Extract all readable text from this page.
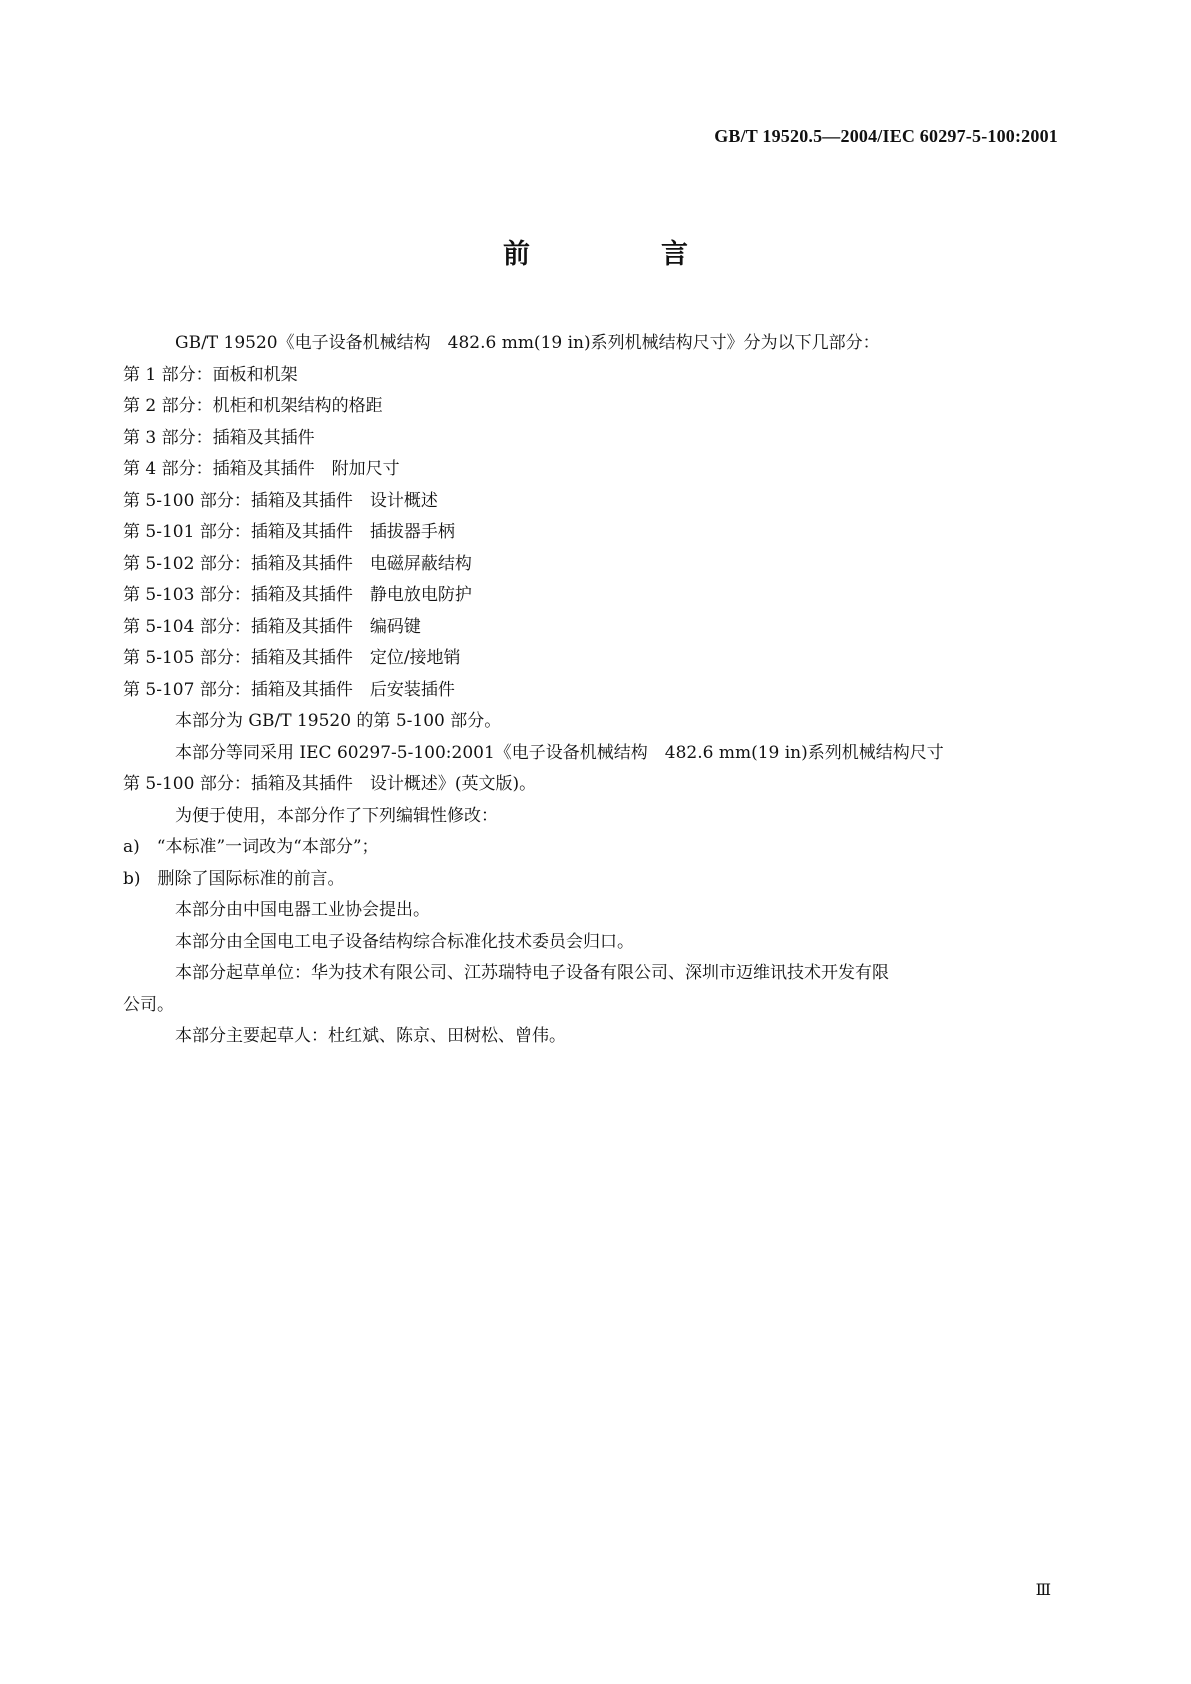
GB/T 19520.5—2004/IEC 60297-5-100:2001
前　言

GB/T 19520《电子设备机械结构　482.6 mm(19 in)系列机械结构尺寸》分为以下几部分：

第 1 部分：面板和机架

第 2 部分：机柜和机架结构的格距

第 3 部分：插箱及其插件

第 4 部分：插箱及其插件　附加尺寸

第 5-100 部分：插箱及其插件　设计概述

第 5-101 部分：插箱及其插件　插拔器手柄

第 5-102 部分：插箱及其插件　电磁屏蔽结构

第 5-103 部分：插箱及其插件　静电放电防护

第 5-104 部分：插箱及其插件　编码键

第 5-105 部分：插箱及其插件　定位/接地销

第 5-107 部分：插箱及其插件　后安装插件

本部分为 GB/T 19520 的第 5-100 部分。

本部分等同采用 IEC 60297-5-100:2001《电子设备机械结构　482.6 mm(19 in)系列机械结构尺寸

第 5-100 部分：插箱及其插件　设计概述》(英文版)。

为便于使用，本部分作了下列编辑性修改：

a)　“本标准”一词改为“本部分”；

b)　删除了国际标准的前言。

本部分由中国电器工业协会提出。

本部分由全国电工电子设备结构综合标准化技术委员会归口。

本部分起草单位：华为技术有限公司、江苏瑞特电子设备有限公司、深圳市迈维讯技术开发有限

公司。

本部分主要起草人：杜红斌、陈京、田树松、曾伟。

Ⅲ
